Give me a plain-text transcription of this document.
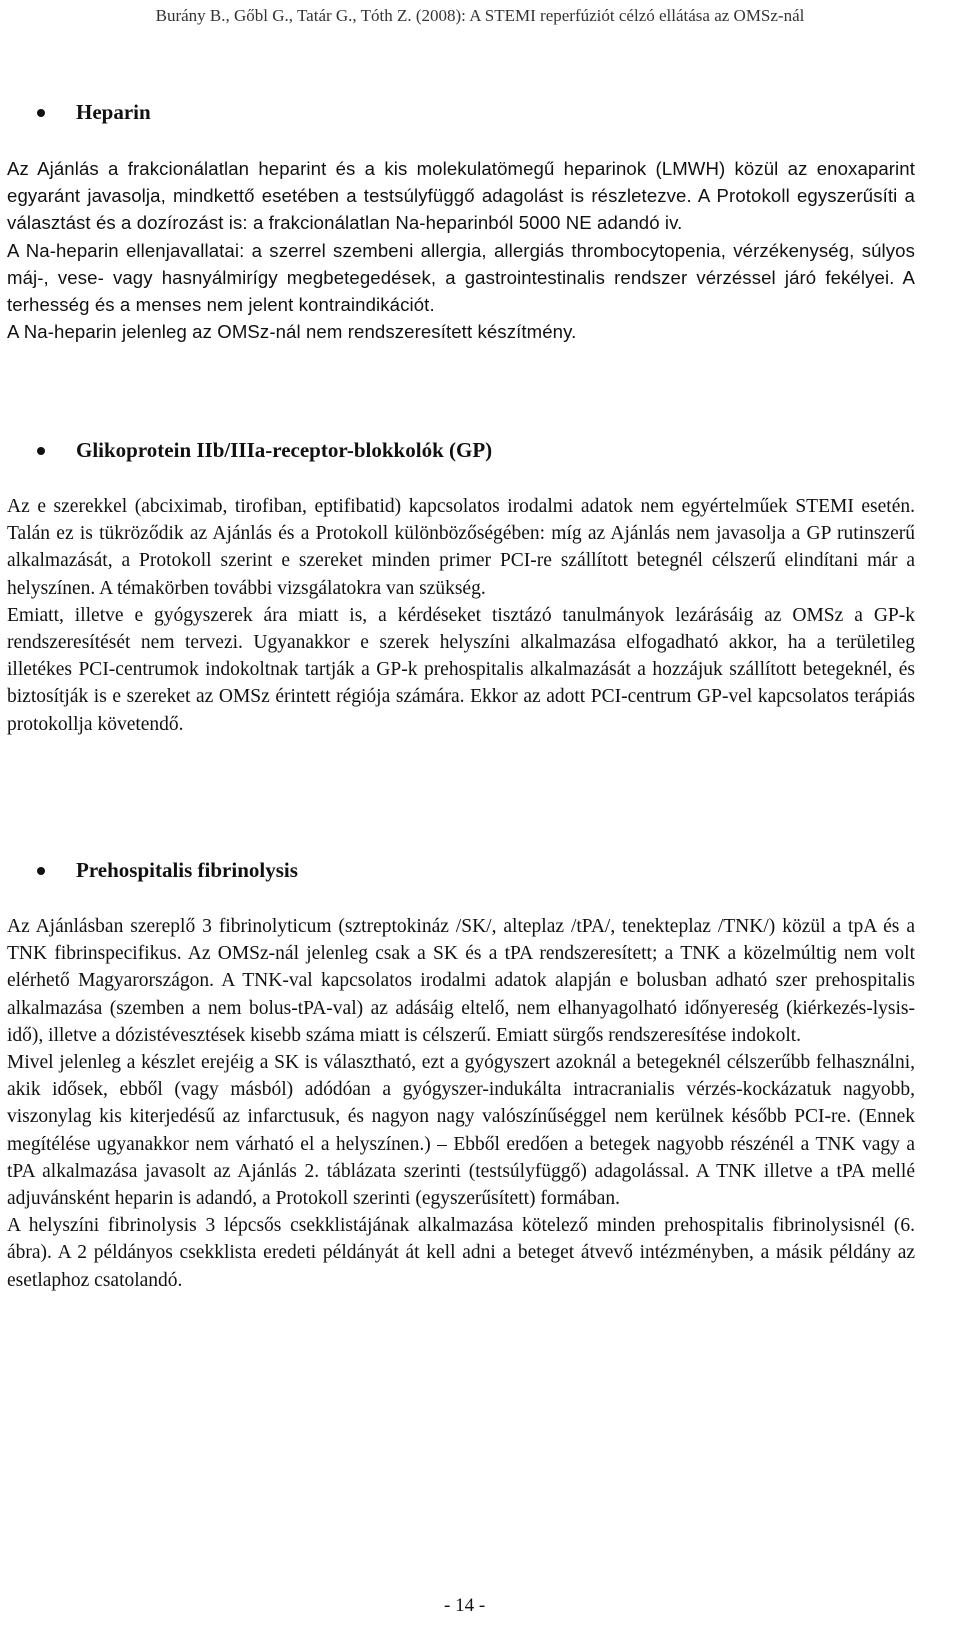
Burány B., Gőbl G., Tatár G., Tóth Z. (2008): A STEMI reperfúziót célzó ellátása az OMSz-nál
Heparin

Az Ajánlás a frakcionálatlan heparint és a kis molekulatömegű heparinok (LMWH) közül az enoxaparint egyaránt javasolja, mindkettő esetében a testsúlyfüggő adagolást is részletezve. A Protokoll egyszerűsíti a választást és a dozírozást is: a frakcionálatlan Na-heparinból 5000 NE adandó iv.

A Na-heparin ellenjavallatai: a szerrel szembeni allergia, allergiás thrombocytopenia, vérzékenység, súlyos máj-, vese- vagy hasnyálmirígy megbetegedések, a gastrointestinalis rendszer vérzéssel járó fekélyei. A terhesség és a menses nem jelent kontraindikációt.

A Na-heparin jelenleg az OMSz-nál nem rendszeresített készítmény.

Glikoprotein IIb/IIIa-receptor-blokkolók (GP)

Az e szerekkel (abciximab, tirofiban, eptifibatid) kapcsolatos irodalmi adatok nem egyértelműek STEMI esetén. Talán ez is tükröződik az Ajánlás és a Protokoll különbözőségében: míg az Ajánlás nem javasolja a GP rutinszerű alkalmazását, a Protokoll szerint e szereket minden primer PCI-re szállított betegnél célszerű elindítani már a helyszínen. A témakörben további vizsgálatokra van szükség.

Emiatt, illetve e gyógyszerek ára miatt is, a kérdéseket tisztázó tanulmányok lezárásáig az OMSz a GP-k rendszeresítését nem tervezi. Ugyanakkor e szerek helyszíni alkalmazása elfogadható akkor, ha a területileg illetékes PCI-centrumok indokoltnak tartják a GP-k prehospitalis alkalmazását a hozzájuk szállított betegeknél, és biztosítják is e szereket az OMSz érintett régiója számára. Ekkor az adott PCI-centrum GP-vel kapcsolatos terápiás protokollja követendő.

Prehospitalis fibrinolysis

Az Ajánlásban szereplő 3 fibrinolyticum (sztreptokináz /SK/, alteplaz /tPA/, tenekteplaz /TNK/) közül a tpA és a TNK fibrinspecifikus. Az OMSz-nál jelenleg csak a SK és a tPA rendszeresített; a TNK a közelmúltig nem volt elérhető Magyarországon. A TNK-val kapcsolatos irodalmi adatok alapján e bolusban adható szer prehospitalis alkalmazása (szemben a nem bolus-tPA-val) az adásáig eltelő, nem elhanyagolható időnyereség (kiérkezés-lysis-idő), illetve a dózistévesztések kisebb száma miatt is célszerű. Emiatt sürgős rendszeresítése indokolt.

Mivel jelenleg a készlet erejéig a SK is választható, ezt a gyógyszert azoknál a betegeknél célszerűbb felhasználni, akik idősek, ebből (vagy másból) adódóan a gyógyszer-indukálta intracranialis vérzés-kockázatuk nagyobb, viszonylag kis kiterjedésű az infarctusuk, és nagyon nagy valószínűséggel nem kerülnek később PCI-re. (Ennek megítélése ugyanakkor nem várható el a helyszínen.) – Ebből eredően a betegek nagyobb részénél a TNK vagy a tPA alkalmazása javasolt az Ajánlás 2. táblázata szerinti (testsúlyfüggő) adagolással. A TNK illetve a tPA mellé adjuvánsként heparin is adandó, a Protokoll szerinti (egyszerűsített) formában.

A helyszíni fibrinolysis 3 lépcsős csekklistájának alkalmazása kötelező minden prehospitalis fibrinolysisnél (6. ábra). A 2 példányos csekklista eredeti példányát át kell adni a beteget átvevő intézményben, a másik példány az esetlaphoz csatolandó.

- 14 -
